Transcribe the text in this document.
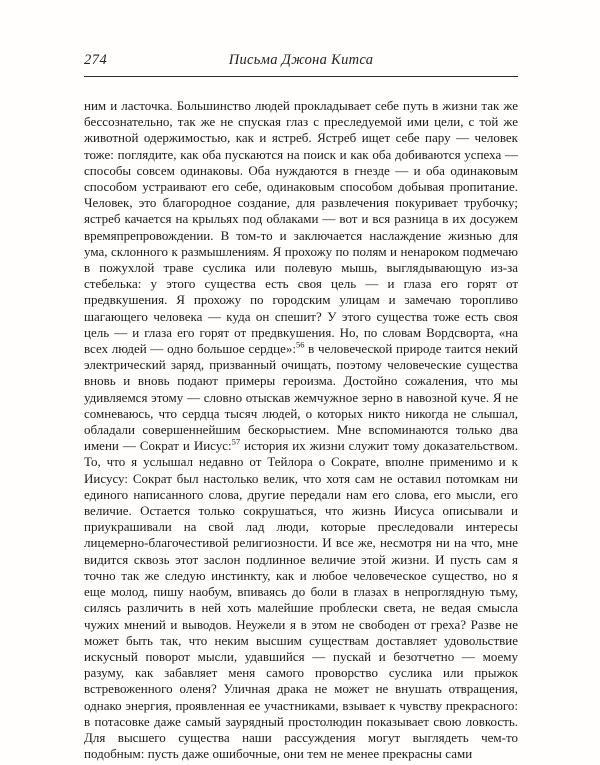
274	Письма Джона Китса

ним и ласточка. Большинство людей прокладывает себе путь в жизни так же бессознательно, так же не спуская глаз с преследуемой ими цели, с той же животной одержимостью, как и ястреб. Ястреб ищет себе пару — человек тоже: поглядите, как оба пускаются на поиск и как оба добиваются успеха — способы совсем одинаковы. Оба нуждаются в гнезде — и оба одинаковым способом устраивают его себе, одинаковым способом добывая пропитание. Человек, это благородное создание, для развлечения покуривает трубочку; ястреб качается на крыльях под облаками — вот и вся разница в их досужем времяпрепровождении. В том-то и заключается наслаждение жизнью для ума, склонного к размышлениям. Я прохожу по полям и ненароком подмечаю в пожухлой траве суслика или полевую мышь, выглядывающую из-за стебелька: у этого существа есть своя цель — и глаза его горят от предвкушения. Я прохожу по городским улицам и замечаю торопливо шагающего человека — куда он спешит? У этого существа тоже есть своя цель — и глаза его горят от предвкушения. Но, по словам Вордсворта, «на всех людей — одно большое сердце»:$^{56}$ в человеческой природе таится некий электрический заряд, призванный очищать, поэтому человеческие существа вновь и вновь подают примеры героизма. Достойно сожаления, что мы удивляемся этому — словно отыскав жемчужное зерно в навозной куче. Я не сомневаюсь, что сердца тысяч людей, о которых никто никогда не слышал, обладали совершеннейшим бескорыстием. Мне вспоминаются только два имени — Сократ и Иисус:$^{57}$ история их жизни служит тому доказательством. То, что я услышал недавно от Тейлора о Сократе, вполне применимо и к Иисусу: Сократ был настолько велик, что хотя сам не оставил потомкам ни единого написанного слова, другие передали нам его слова, его мысли, его величие. Остается только сокрушаться, что жизнь Иисуса описывали и приукрашивали на свой лад люди, которые преследовали интересы лицемерно-благочестивой религиозности. И все же, несмотря ни на что, мне видится сквозь этот заслон подлинное величие этой жизни. И пусть сам я точно так же следую инстинкту, как и любое человеческое существо, но я еще молод, пишу наобум, впиваясь до боли в глазах в непроглядную тьму, силясь различить в ней хоть малейшие проблески света, не ведая смысла чужих мнений и выводов. Неужели я в этом не свободен от греха? Разве не может быть так, что неким высшим существам доставляет удовольствие искусный поворот мысли, удавшийся — пускай и безотчетно — моему разуму, как забавляет меня самого проворство суслика или прыжок встревоженного оленя? Уличная драка не может не внушать отвращения, однако энергия, проявленная ее участниками, взывает к чувству прекрасного: в потасовке даже самый заурядный простолюдин показывает свою ловкость. Для высшего существа наши рассуждения могут выглядеть чем-то подобным: пусть даже ошибочные, они тем не менее прекрасны сами
